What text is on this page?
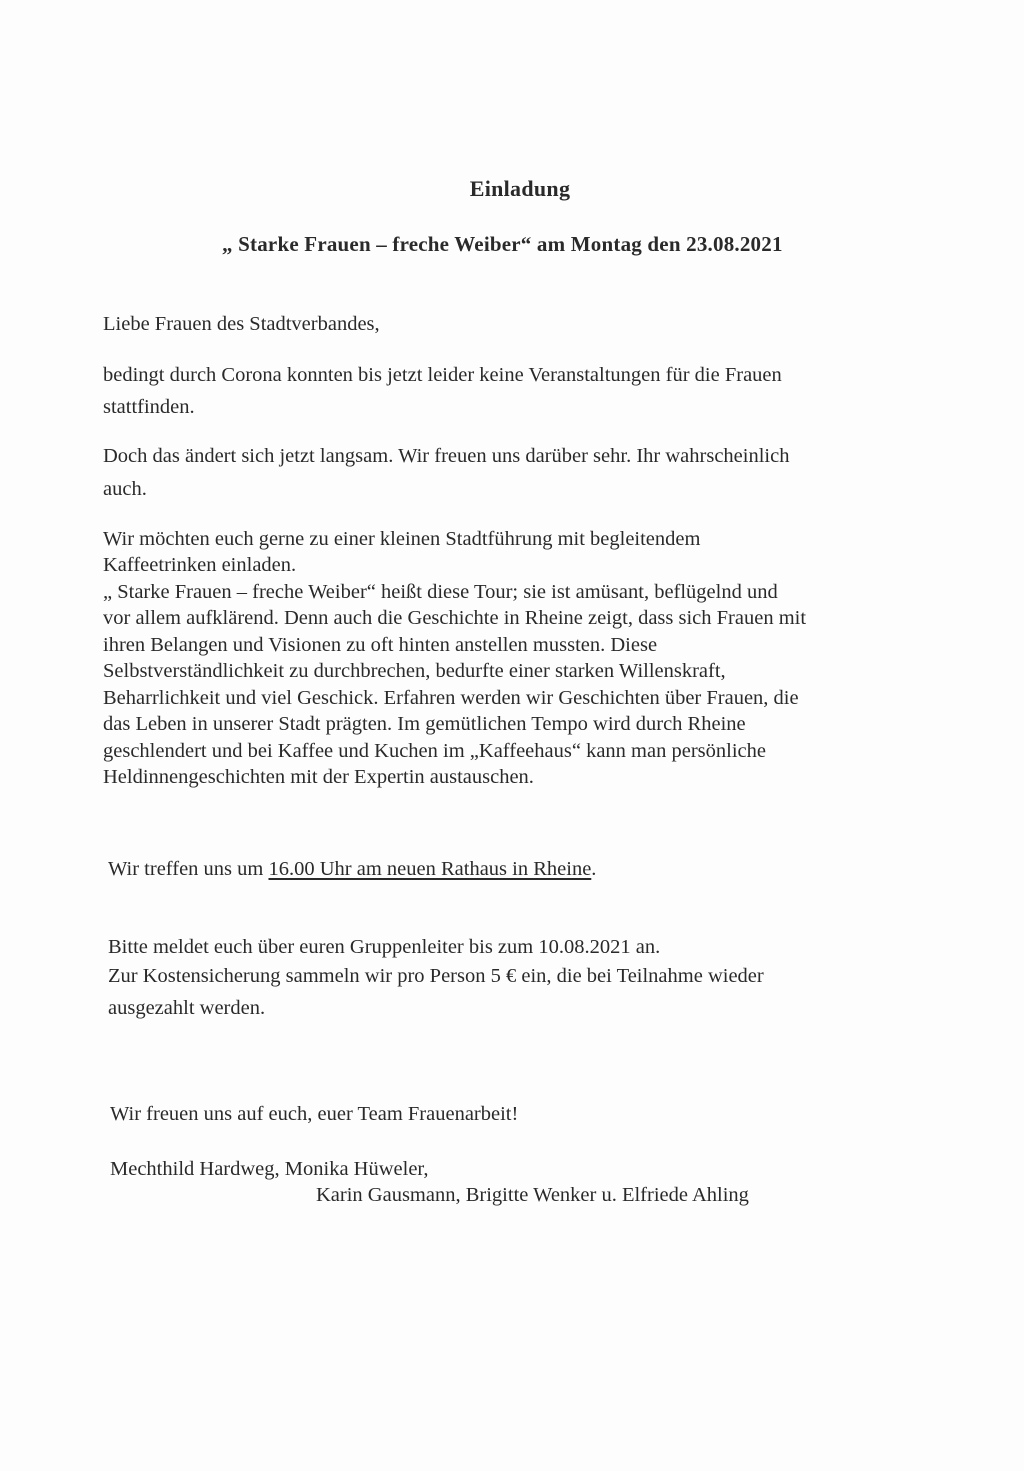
Einladung
„ Starke Frauen – freche Weiber“ am Montag den 23.08.2021
Liebe Frauen des Stadtverbandes,
bedingt durch Corona konnten bis jetzt leider keine Veranstaltungen für die Frauen
stattfinden.
Doch das ändert sich jetzt langsam. Wir freuen uns darüber sehr. Ihr wahrscheinlich
auch.
Wir möchten euch gerne zu einer kleinen Stadtführung mit begleitendem
Kaffeetrinken einladen.
„ Starke Frauen – freche Weiber“ heißt diese Tour; sie ist amüsant, beflügelnd und
vor allem aufklärend. Denn auch die Geschichte in Rheine zeigt, dass sich Frauen mit
ihren Belangen und Visionen zu oft hinten anstellen mussten. Diese
Selbstverständlichkeit zu durchbrechen, bedurfte einer starken Willenskraft,
Beharrlichkeit und viel Geschick. Erfahren werden wir Geschichten über Frauen, die
das Leben in unserer Stadt prägten. Im gemütlichen Tempo wird durch Rheine
geschlendert und bei Kaffee und Kuchen im „Kaffeehaus“ kann man persönliche
Heldinnengeschichten mit der Expertin austauschen.
Wir treffen uns um 16.00 Uhr am neuen Rathaus in Rheine.
Bitte meldet euch über euren Gruppenleiter bis zum 10.08.2021 an.
Zur Kostensicherung sammeln wir pro Person 5 € ein, die bei Teilnahme wieder
ausgezahlt werden.
Wir freuen uns auf euch, euer Team Frauenarbeit!
Mechthild Hardweg, Monika Hüweler,
Karin Gausmann, Brigitte Wenker u. Elfriede Ahling
